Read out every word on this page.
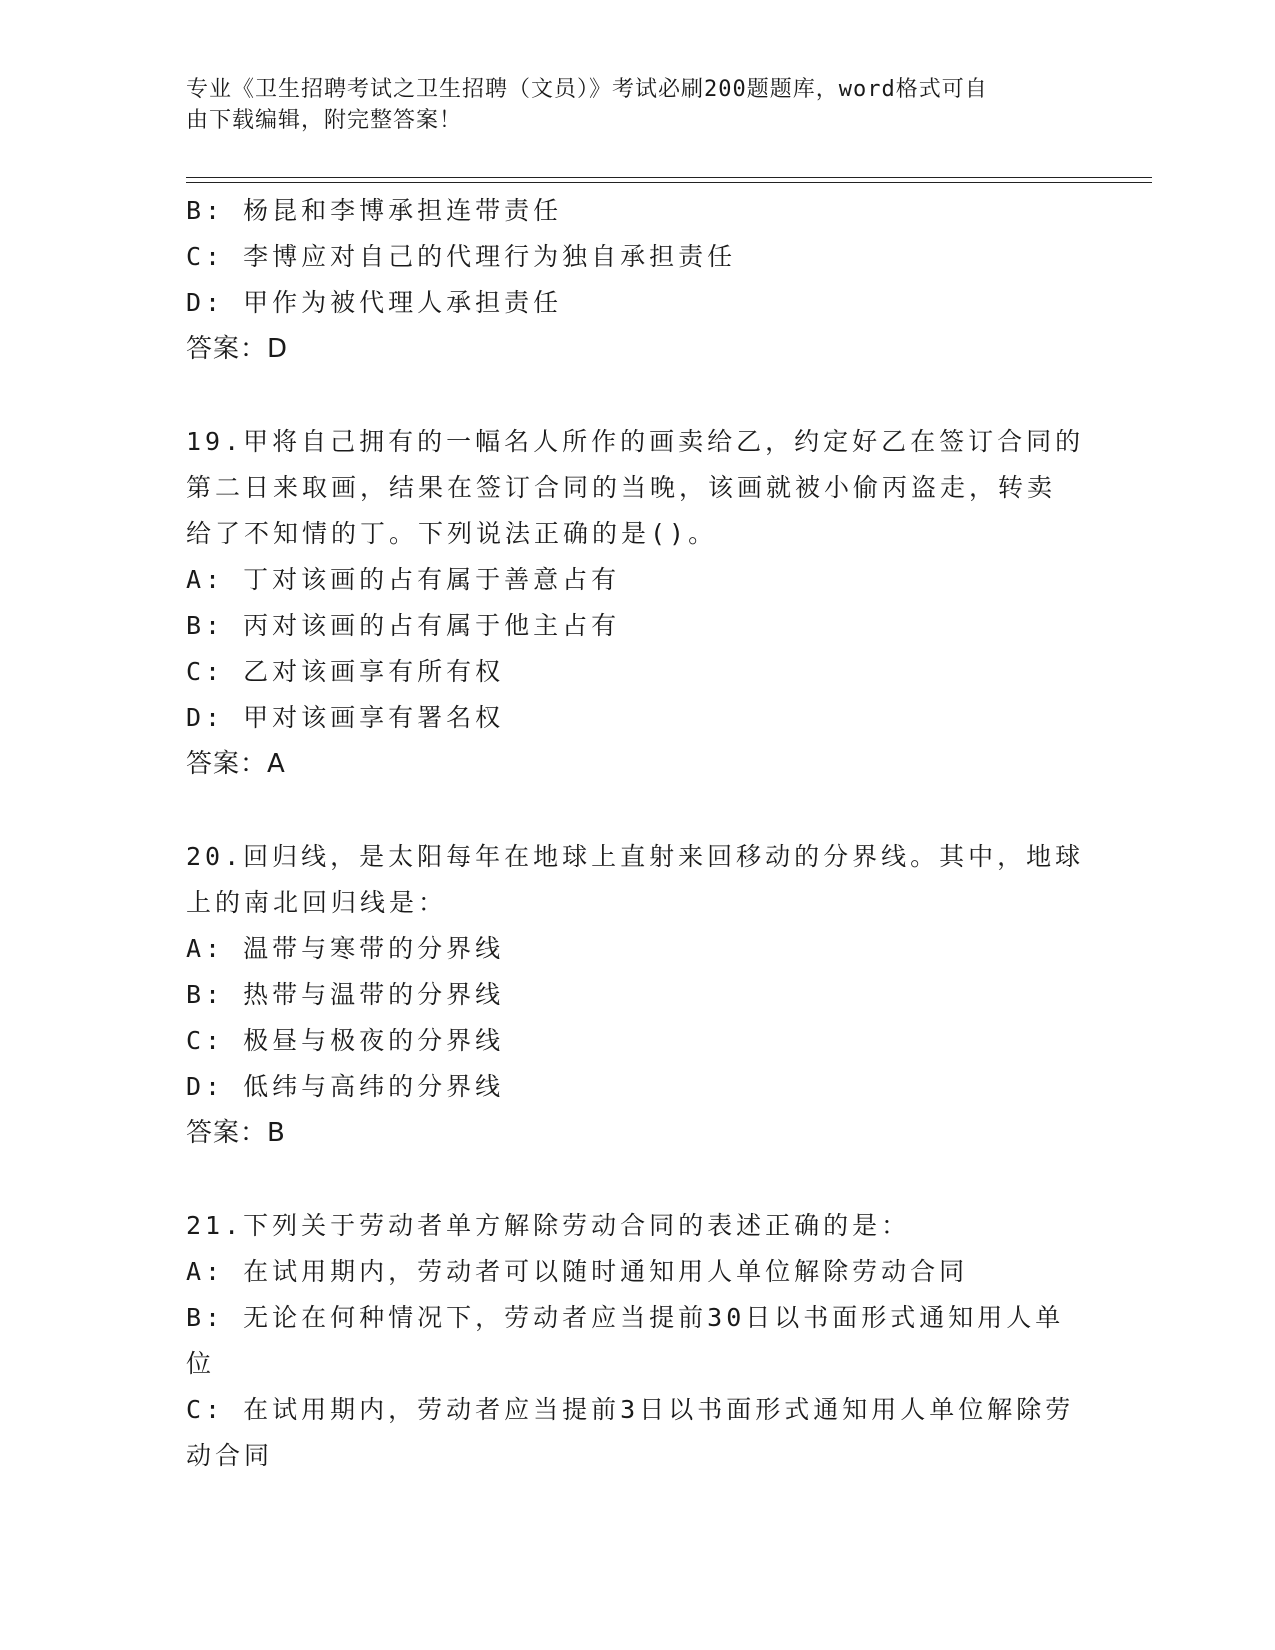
专业《卫生招聘考试之卫生招聘（文员）》考试必刷200题题库，word格式可自
由下载编辑，附完整答案！
B: 杨昆和李博承担连带责任
C: 李博应对自己的代理行为独自承担责任
D: 甲作为被代理人承担责任
答案：D
19.甲将自己拥有的一幅名人所作的画卖给乙，约定好乙在签订合同的
第二日来取画，结果在签订合同的当晚，该画就被小偷丙盗走，转卖
给了不知情的丁。下列说法正确的是()。
A: 丁对该画的占有属于善意占有
B: 丙对该画的占有属于他主占有
C: 乙对该画享有所有权
D: 甲对该画享有署名权
答案：A
20.回归线，是太阳每年在地球上直射来回移动的分界线。其中，地球
上的南北回归线是：
A: 温带与寒带的分界线
B: 热带与温带的分界线
C: 极昼与极夜的分界线
D: 低纬与高纬的分界线
答案：B
21.下列关于劳动者单方解除劳动合同的表述正确的是：
A: 在试用期内，劳动者可以随时通知用人单位解除劳动合同
B: 无论在何种情况下，劳动者应当提前30日以书面形式通知用人单
位
C: 在试用期内，劳动者应当提前3日以书面形式通知用人单位解除劳
动合同
